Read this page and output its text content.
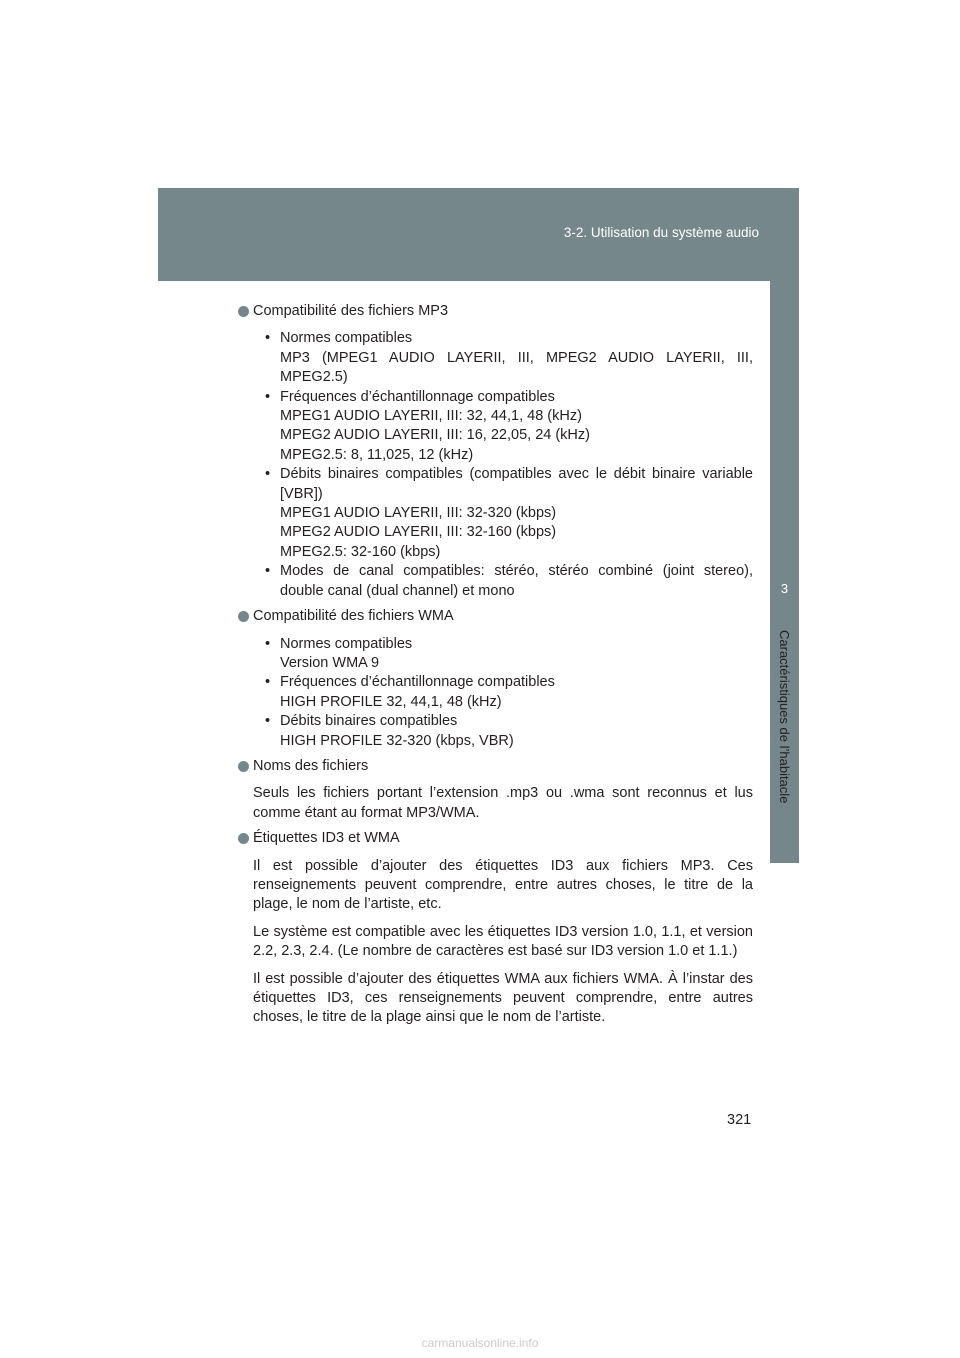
3-2. Utilisation du système audio
3
Caractéristiques de l’habitacle
Compatibilité des fichiers MP3
• Normes compatibles
MP3 (MPEG1 AUDIO LAYERII, III, MPEG2 AUDIO LAYERII, III, MPEG2.5)
• Fréquences d’échantillonnage compatibles
MPEG1 AUDIO LAYERII, III: 32, 44,1, 48 (kHz)
MPEG2 AUDIO LAYERII, III: 16, 22,05, 24 (kHz)
MPEG2.5: 8, 11,025, 12 (kHz)
• Débits binaires compatibles (compatibles avec le débit binaire variable [VBR])
MPEG1 AUDIO LAYERII, III: 32-320 (kbps)
MPEG2 AUDIO LAYERII, III: 32-160 (kbps)
MPEG2.5: 32-160 (kbps)
• Modes de canal compatibles: stéréo, stéréo combiné (joint stereo), double canal (dual channel) et mono
Compatibilité des fichiers WMA
• Normes compatibles
Version WMA 9
• Fréquences d’échantillonnage compatibles
HIGH PROFILE 32, 44,1, 48 (kHz)
• Débits binaires compatibles
HIGH PROFILE 32-320 (kbps, VBR)
Noms des fichiers
Seuls les fichiers portant l’extension .mp3 ou .wma sont reconnus et lus comme étant au format MP3/WMA.
Étiquettes ID3 et WMA
Il est possible d’ajouter des étiquettes ID3 aux fichiers MP3. Ces renseignements peuvent comprendre, entre autres choses, le titre de la plage, le nom de l’artiste, etc.
Le système est compatible avec les étiquettes ID3 version 1.0, 1.1, et version 2.2, 2.3, 2.4. (Le nombre de caractères est basé sur ID3 version 1.0 et 1.1.)
Il est possible d’ajouter des étiquettes WMA aux fichiers WMA. À l’instar des étiquettes ID3, ces renseignements peuvent comprendre, entre autres choses, le titre de la plage ainsi que le nom de l’artiste.
321
carmanualsonline.info
